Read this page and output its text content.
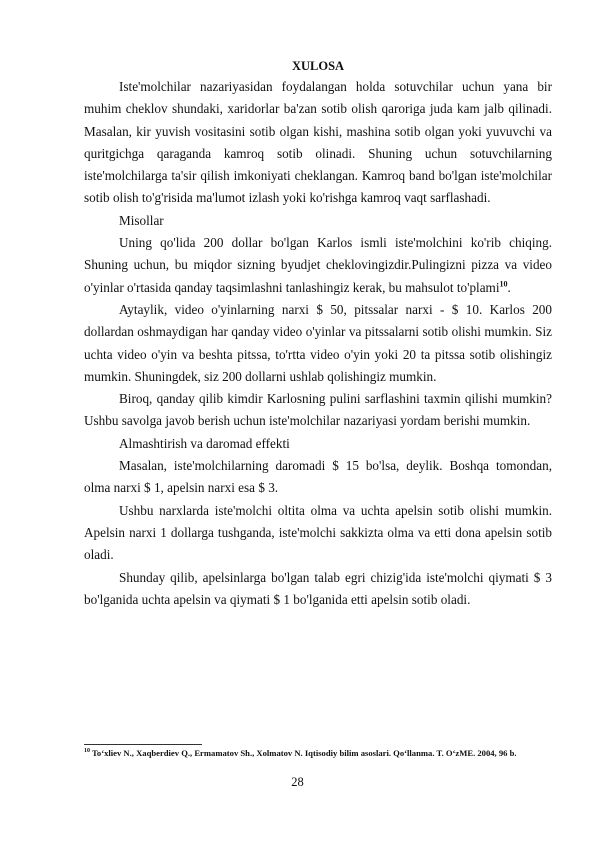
XULOSA

Iste'molchilar nazariyasidan foydalangan holda sotuvchilar uchun yana bir muhim cheklov shundaki, xaridorlar ba'zan sotib olish qaroriga juda kam jalb qilinadi. Masalan, kir yuvish vositasini sotib olgan kishi, mashina sotib olgan yoki yuvuvchi va quritgichga qaraganda kamroq sotib olinadi. Shuning uchun sotuvchilarning iste'molchilarga ta'sir qilish imkoniyati cheklangan. Kamroq band bo'lgan iste'molchilar sotib olish to'g'risida ma'lumot izlash yoki ko'rishga kamroq vaqt sarflashadi.

Misollar

Uning qo'lida 200 dollar bo'lgan Karlos ismli iste'molchini ko'rib chiqing. Shuning uchun, bu miqdor sizning byudjet cheklovingizdir.Pulingizni pizza va video o'yinlar o'rtasida qanday taqsimlashni tanlashingiz kerak, bu mahsulot to'plami$^{10}$.

Aytaylik, video o'yinlarning narxi $ 50, pitssalar narxi - $ 10. Karlos 200 dollardan oshmaydigan har qanday video o'yinlar va pitssalarni sotib olishi mumkin. Siz uchta video o'yin va beshta pitssa, to'rtta video o'yin yoki 20 ta pitssa sotib olishingiz mumkin. Shuningdek, siz 200 dollarni ushlab qolishingiz mumkin.

Biroq, qanday qilib kimdir Karlosning pulini sarflashini taxmin qilishi mumkin? Ushbu savolga javob berish uchun iste'molchilar nazariyasi yordam berishi mumkin.

Almashtirish va daromad effekti

Masalan, iste'molchilarning daromadi $ 15 bo'lsa, deylik. Boshqa tomondan, olma narxi $ 1, apelsin narxi esa $ 3.

Ushbu narxlarda iste'molchi oltita olma va uchta apelsin sotib olishi mumkin. Apelsin narxi 1 dollarga tushganda, iste'molchi sakkizta olma va etti dona apelsin sotib oladi.

Shunday qilib, apelsinlarga bo'lgan talab egri chizig'ida iste'molchi qiymati $ 3 bo'lganida uchta apelsin va qiymati $ 1 bo'lganida etti apelsin sotib oladi.

$^{10}$ To‘xliev N., Xaqberdiev Q., Ermamatov Sh., Xolmatov N. Iqtisodiy bilim asoslari. Qo‘llanma. T. O‘zME. 2004, 96 b.
28
